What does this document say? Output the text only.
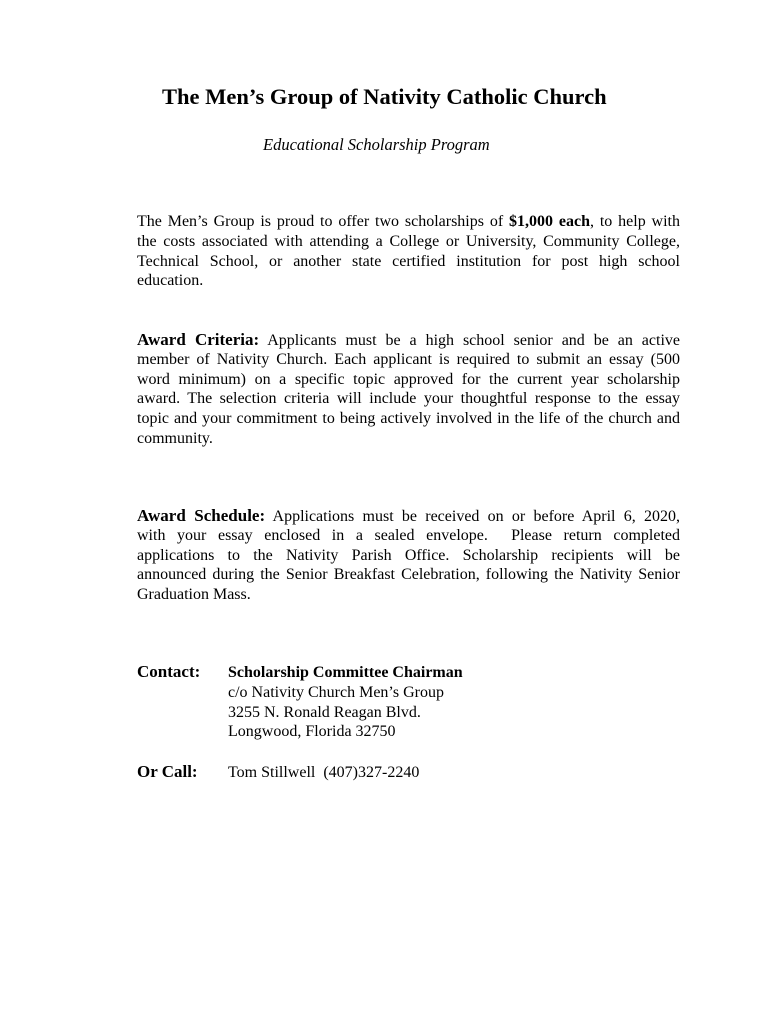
The Men’s Group of Nativity Catholic Church
Educational Scholarship Program
The Men’s Group is proud to offer two scholarships of $1,000 each, to help with
the costs associated with attending a College or University, Community College,
Technical School, or another state certified institution for post high school
education.
Award Criteria: Applicants must be a high school senior and be an active
member of Nativity Church. Each applicant is required to submit an essay (500
word minimum) on a specific topic approved for the current year scholarship
award. The selection criteria will include your thoughtful response to the essay
topic and your commitment to being actively involved in the life of the church and
community.
Award Schedule: Applications must be received on or before April 6, 2020,
with your essay enclosed in a sealed envelope.  Please return completed
applications to the Nativity Parish Office. Scholarship recipients will be
announced during the Senior Breakfast Celebration, following the Nativity Senior
Graduation Mass.
Contact: Scholarship Committee Chairman
c/o Nativity Church Men’s Group
3255 N. Ronald Reagan Blvd.
Longwood, Florida 32750
Or Call: Tom Stillwell  (407)327-2240
